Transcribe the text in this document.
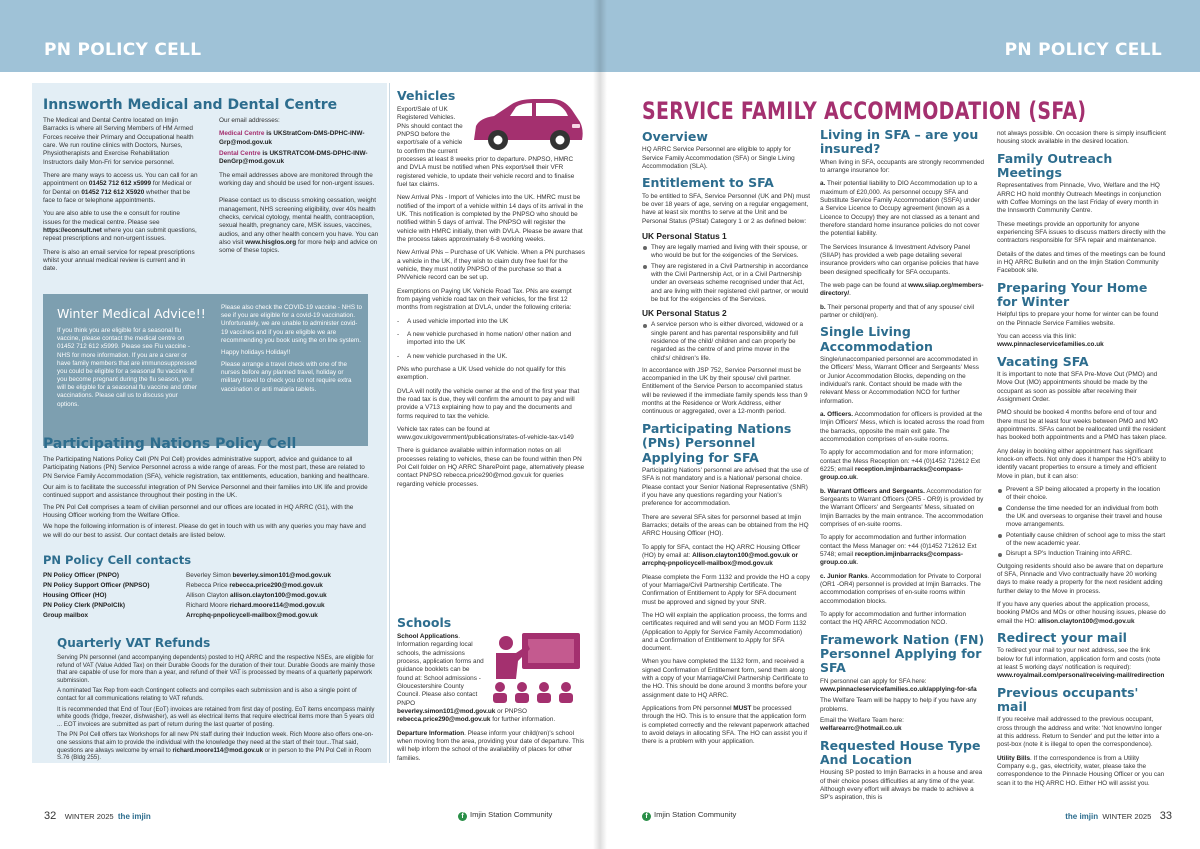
PN POLICY CELL
Innsworth Medical and Dental Centre

The Medical and Dental Centre located on Imjin Barracks is where all Serving Members of HM Armed Forces receive their Primary and Occupational health care. We run routine clinics with Doctors, Nurses, Physiotherapists and Exercise Rehabilitation Instructors daily Mon-Fri for service personnel.

There are many ways to access us. You can call for an appointment on 01452 712 612 x5999 for Medical or for Dental on 01452 712 612 X5920 whether that be face to face or telephone appointments.

You are also able to use the e consult for routine issues for the medical centre. Please see https://econsult.net where you can submit questions, repeat prescriptions and non-urgent issues.

There is also an email service for repeat prescriptions whilst your annual medical review is current and in date.

Our email addresses:

Medical Centre is UKStratCom-DMS-DPHC-INW-Grp@mod.gov.uk

Dental Centre is UKSTRATCOM-DMS-DPHC-INW-DenGrp@mod.gov.uk

The email addresses above are monitored through the working day and should be used for non-urgent issues.

Please contact us to discuss smoking cessation, weight management, NHS screening eligibility, over 40s health checks, cervical cytology, mental health, contraception, sexual health, pregnancy care, MSK issues, vaccines, audios, and any other health concern you have. You can also visit www.hisglos.org for more help and advice on some of these topics.

Winter Medical Advice!!

If you think you are eligible for a seasonal flu vaccine, please contact the medical centre on 01452 712 612 x5999. Please see Flu vaccine - NHS for more information. If you are a carer or have family members that are immunosuppressed you could be eligible for a seasonal flu vaccine. If you become pregnant during the flu season, you will be eligible for a seasonal flu vaccine and other vaccinations. Please call us to discuss your options.

Please also check the COVID-19 vaccine - NHS to see if you are eligible for a covid-19 vaccination. Unfortunately, we are unable to administer covid-19 vaccines and if you are eligible we are recommending you book using the on line system.

Happy holidays Holiday!!

Please arrange a travel check with one of the nurses before any planned travel, holiday or military travel to check you do not require extra vaccination or anti malaria tablets.

Participating Nations Policy Cell

The Participating Nations Policy Cell (PN Pol Cell) provides administrative support, advice and guidance to all Participating Nations (PN) Service Personnel across a wide range of areas. For the most part, these are related to PN Service Family Accommodation (SFA), vehicle registration, tax entitlements, education, banking and healthcare.

Our aim is to facilitate the successful integration of PN Service Personnel and their families into UK life and provide continued support and assistance throughout their posting in the UK.

The PN Pol Cell comprises a team of civilian personnel and our offices are located in HQ ARRC (G1), with the Housing Officer working from the Welfare Office.

We hope the following information is of interest. Please do get in touch with us with any queries you may have and we will do our best to assist. Our contact details are listed below.

PN Policy Cell contacts
PN Policy Officer (PNPO)	Beverley Simon beverley.simon101@mod.gov.uk
PN Policy Support Officer (PNPSO)	Rebecca Price rebecca.price290@mod.gov.uk
Housing Officer (HO)	Allison Clayton allison.clayton100@mod.gov.uk
PN Policy Clerk (PNPolClk)	Richard Moore richard.moore114@mod.gov.uk
Group mailbox	Arrcphq-pnpolicycell-mailbox@mod.gov.uk
Quarterly VAT Refunds

Serving PN personnel (and accompanying dependents) posted to HQ ARRC and the respective NSEs, are eligible for refund of VAT (Value Added Tax) on their Durable Goods for the duration of their tour. Durable Goods are mainly those that are capable of use for more than a year, and refund of their VAT is processed by means of a quarterly paperwork submission.

A nominated Tax Rep from each Contingent collects and compiles each submission and is also a single point of contact for all communications relating to VAT refunds.

It is recommended that End of Tour (EoT) invoices are retained from first day of posting. EoT items encompass mainly white goods (fridge, freezer, dishwasher), as well as electrical items that require electrical items more than 5 years old ... EOT invoices are submitted as part of return during the last quarter of posting.

The PN Pol Cell offers tax Workshops for all new PN staff during their Induction week. Rich Moore also offers one-on-one sessions that aim to provide the individual with the knowledge they need at the start of their tour...That said, questions are always welcome by email to richard.moore114@mod.gov.uk or in person to the PN Pol Cell in Room S.76 (Bldg 255).

Vehicles

Export/Sale of UK Registered Vehicles. PNs should contact the PNPSO before the export/sale of a vehicle to confirm the current processes at least 8 weeks prior to departure. PNPSO, HMRC and DVLA must be notified when PNs export/sell their VFR registered vehicle, to update their vehicle record and to finalise fuel tax claims.

New Arrival PNs - Import of Vehicles into the UK. HMRC must be notified of the import of a vehicle within 14 days of its arrival in the UK. This notification is completed by the PNPSO who should be notified within 5 days of arrival. The PNPSO will register the vehicle with HMRC initially, then with DVLA. Please be aware that the process takes approximately 6-8 working weeks.

New Arrival PNs – Purchase of UK Vehicle. When a PN purchases a vehicle in the UK, if they wish to claim duty free fuel for the vehicle, they must notify PNPSO of the purchase so that a PNVehicle record can be set up.

Exemptions on Paying UK Vehicle Road Tax. PNs are exempt from paying vehicle road tax on their vehicles, for the first 12 months from registration at DVLA, under the following criteria:

- A used vehicle imported into the UK
- A new vehicle purchased in home nation/ other nation and imported into the UK
- A new vehicle purchased in the UK.

PNs who purchase a UK Used vehicle do not qualify for this exemption.

DVLA will notify the vehicle owner at the end of the first year that the road tax is due, they will confirm the amount to pay and will provide a V713 explaining how to pay and the documents and forms required to tax the vehicle.

Vehicle tax rates can be found at www.gov.uk/government/publications/rates-of-vehicle-tax-v149

There is guidance available within information notes on all processes relating to vehicles, these can be found within then PN Pol Cell folder on HQ ARRC SharePoint page, alternatively please contact PNPSO rebecca.price290@mod.gov.uk for queries regarding vehicle processes.

Schools

School Applications. Information regarding local schools, the admissions process, application forms and guidance booklets can be found at: School admissions - Gloucestershire County Council. Please also contact PNPO beverley.simon101@mod.gov.uk or PNPSO rebecca.price290@mod.gov.uk for further information.

Departure Information. Please inform your child(ren)'s school when moving from the area, providing your date of departure. This will help inform the school of the availability of places for other families.

32 WINTER 2025 the imjin	f Imjin Station Community
PN POLICY CELL
SERVICE FAMILY ACCOMMODATION (SFA)
Overview

HQ ARRC Service Personnel are eligible to apply for Service Family Accommodation (SFA) or Single Living Accommodation (SLA).

Entitlement to SFA

To be entitled to SFA, Service Personnel (UK and PN) must be over 18 years of age, serving on a regular engagement, have at least six months to serve at the Unit and be Personal Status (PStat) Category 1 or 2 as defined below:

UK Personal Status 1
They are legally married and living with their spouse, or who would be but for the exigencies of the Services.
They are registered in a Civil Partnership in accordance with the Civil Partnership Act, or in a Civil Partnership under an overseas scheme recognised under that Act, and are living with their registered civil partner, or would be but for the exigencies of the Services.
UK Personal Status 2
A service person who is either divorced, widowed or a single parent and has parental responsibility and full residence of the child/ children and can properly be regarded as the centre of and prime mover in the child's/ children's life.

In accordance with JSP 752, Service Personnel must be accompanied in the UK by their spouse/ civil partner. Entitlement of the Service Person to accompanied status will be reviewed if the immediate family spends less than 9 months at the Residence or Work Address, either continuous or aggregated, over a 12-month period.

Participating Nations (PNs) Personnel Applying for SFA

Participating Nations' personnel are advised that the use of SFA is not mandatory and is a National/ personal choice. Please contact your Senior National Representative (SNR) if you have any questions regarding your Nation's preference for accommodation.

There are several SFA sites for personnel based at Imjin Barracks; details of the areas can be obtained from the HQ ARRC Housing Officer (HO).

To apply for SFA, contact the HQ ARRC Housing Officer (HO) by email at: Allison.clayton100@mod.gov.uk or arrcphq-pnpolicycell-mailbox@mod.gov.uk

Please complete the Form 1132 and provide the HO a copy of your Marriage/Civil Partnership Certificate. The Confirmation of Entitlement to Apply for SFA document must be approved and signed by your SNR.

The HO will explain the application process, the forms and certificates required and will send you an MOD Form 1132 (Application to Apply for Service Family Accommodation) and a Confirmation of Entitlement to Apply for SFA document.

When you have completed the 1132 form, and received a signed Confirmation of Entitlement form, send them along with a copy of your Marriage/Civil Partnership Certificate to the HO. This should be done around 3 months before your assignment date to HQ ARRC.

Applications from PN personnel MUST be processed through the HO. This is to ensure that the application form is completed correctly and the relevant paperwork attached to avoid delays in allocating SFA. The HO can assist you if there is a problem with your application.

Living in SFA – are you insured?

When living in SFA, occupants are strongly recommended to arrange insurance for:

a. Their potential liability to DIO Accommodation up to a maximum of £20,000. As personnel occupy SFA and Substitute Service Family Accommodation (SSFA) under a Service Licence to Occupy agreement (known as a Licence to Occupy) they are not classed as a tenant and therefore standard home insurance policies do not cover the potential liability.

The Services Insurance & Investment Advisory Panel (SIIAP) has provided a web page detailing several insurance providers who can organise policies that have been designed specifically for SFA occupants.

The web page can be found at www.siiap.org/members-directory/.

b. Their personal property and that of any spouse/ civil partner or child(ren).

Single Living Accommodation

Single/unaccompanied personnel are accommodated in the Officers' Mess, Warrant Officer and Sergeants' Mess or Junior Accommodation Blocks, depending on the individual's rank. Contact should be made with the relevant Mess or Accommodation NCO for further information.

a. Officers. Accommodation for officers is provided at the Imjin Officers' Mess, which is located across the road from the barracks, opposite the main exit gate. The accommodation comprises of en-suite rooms.

To apply for accommodation and for more information; contact the Mess Reception on: +44 (0)1452 712612 Ext 6225; email reception.imjinbarracks@compass-group.co.uk.

b. Warrant Officers and Sergeants. Accommodation for Sergeants to Warrant Officers (OR5 - OR9) is provided by the Warrant Officers' and Sergeants' Mess, situated on Imjin Barracks by the main entrance. The accommodation comprises of en-suite rooms.

To apply for accommodation and further information contact the Mess Manager on: +44 (0)1452 712612 Ext 5748; email reception.imjinbarracks@compass-group.co.uk.

c. Junior Ranks. Accommodation for Private to Corporal (OR1 -OR4) personnel is provided at Imjin Barracks. The accommodation comprises of en-suite rooms within accommodation blocks.

To apply for accommodation and further information contact the HQ ARRC Accommodation NCO.

Framework Nation (FN) Personnel Applying for SFA

FN personnel can apply for SFA here:
www.pinnacleservicefamilies.co.uk/applying-for-sfa

The Welfare Team will be happy to help if you have any problems.

Email the Welfare Team here:
welfarearrc@hotmail.co.uk

Requested House Type And Location

Housing SP posted to Imjin Barracks in a house and area of their choice poses difficulties at any time of the year. Although every effort will always be made to achieve a SP's aspiration, this is

not always possible. On occasion there is simply insufficient housing stock available in the desired location.

Family Outreach Meetings

Representatives from Pinnacle, Vivo, Welfare and the HQ ARRC HO hold monthly Outreach Meetings in conjunction with Coffee Mornings on the last Friday of every month in the Innsworth Community Centre.

These meetings provide an opportunity for anyone experiencing SFA issues to discuss matters directly with the contractors responsible for SFA repair and maintenance.

Details of the dates and times of the meetings can be found in HQ ARRC Bulletin and on the Imjin Station Community Facebook site.

Preparing Your Home for Winter

Helpful tips to prepare your home for winter can be found on the Pinnacle Service Families website.

You can access via this link:
www.pinnacleservicefamilies.co.uk

Vacating SFA

It is important to note that SFA Pre-Move Out (PMO) and Move Out (MO) appointments should be made by the occupant as soon as possible after receiving their Assignment Order.

PMO should be booked 4 months before end of tour and there must be at least four weeks between PMO and MO appointments. SFAs cannot be reallocated until the resident has booked both appointments and a PMO has taken place.

Any delay in booking either appointment has significant knock-on effects. Not only does it hamper the HO's ability to identify vacant properties to ensure a timely and efficient Move in plan, but it can also:

Prevent a SP being allocated a property in the location of their choice.
Condense the time needed for an individual from both the UK and overseas to organise their travel and house move arrangements.
Potentially cause children of school age to miss the start of the new academic year.
Disrupt a SP's Induction Training into ARRC.

Outgoing residents should also be aware that on departure of SFA, Pinnacle and Vivo contractually have 20 working days to make ready a property for the next resident adding further delay to the Move in process.

If you have any queries about the application process, booking PMOs and MOs or other housing issues, please do email the HO: allison.clayton100@mod.gov.uk

Redirect your mail

To redirect your mail to your next address, see the link below for full information, application form and costs (note at least 5 working days' notification is required): www.royalmail.com/personal/receiving-mail/redirection

Previous occupants' mail

If you receive mail addressed to the previous occupant, cross through the address and write: 'Not known/no longer at this address. Return to Sender' and put the letter into a post-box (note it is illegal to open the correspondence).

Utility Bills. If the correspondence is from a Utility Company e.g., gas, electricity, water, please take the correspondence to the Pinnacle Housing Officer or you can scan it to the HQ ARRC HO. Either HO will assist you.

f Imjin Station Community	the imjin WINTER 2025 33
